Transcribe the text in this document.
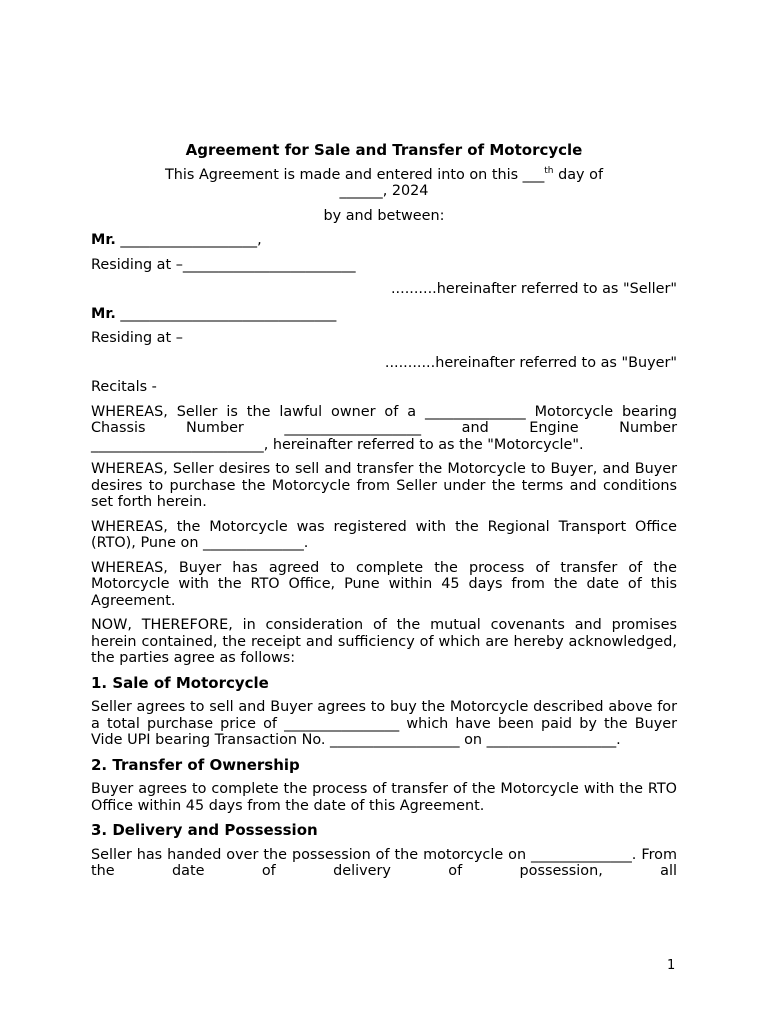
Agreement for Sale and Transfer of Motorcycle
This Agreement is made and entered into on this ___$^{th}$ day of
______, 2024
by and between:
Mr. ___________________,
Residing at –________________________
..........hereinafter referred to as "Seller"
Mr. ______________________________
Residing at –
...........hereinafter referred to as "Buyer"
Recitals -
WHEREAS, Seller is the lawful owner of a ______________ Motorcycle bearing Chassis Number ___________________ and Engine Number ________________________, hereinafter referred to as the "Motorcycle".
WHEREAS, Seller desires to sell and transfer the Motorcycle to Buyer, and Buyer desires to purchase the Motorcycle from Seller under the terms and conditions set forth herein.
WHEREAS, the Motorcycle was registered with the Regional Transport Office (RTO), Pune on ______________.
WHEREAS, Buyer has agreed to complete the process of transfer of the Motorcycle with the RTO Office, Pune within 45 days from the date of this Agreement.
NOW, THEREFORE, in consideration of the mutual covenants and promises herein contained, the receipt and sufficiency of which are hereby acknowledged, the parties agree as follows:
1. Sale of Motorcycle
Seller agrees to sell and Buyer agrees to buy the Motorcycle described above for a total purchase price of ________________ which have been paid by the Buyer Vide UPI bearing Transaction No. __________________ on __________________.
2. Transfer of Ownership
Buyer agrees to complete the process of transfer of the Motorcycle with the RTO Office within 45 days from the date of this Agreement.
3. Delivery and Possession
Seller has handed over the possession of the motorcycle on ______________. From the date of delivery of possession, all
1
